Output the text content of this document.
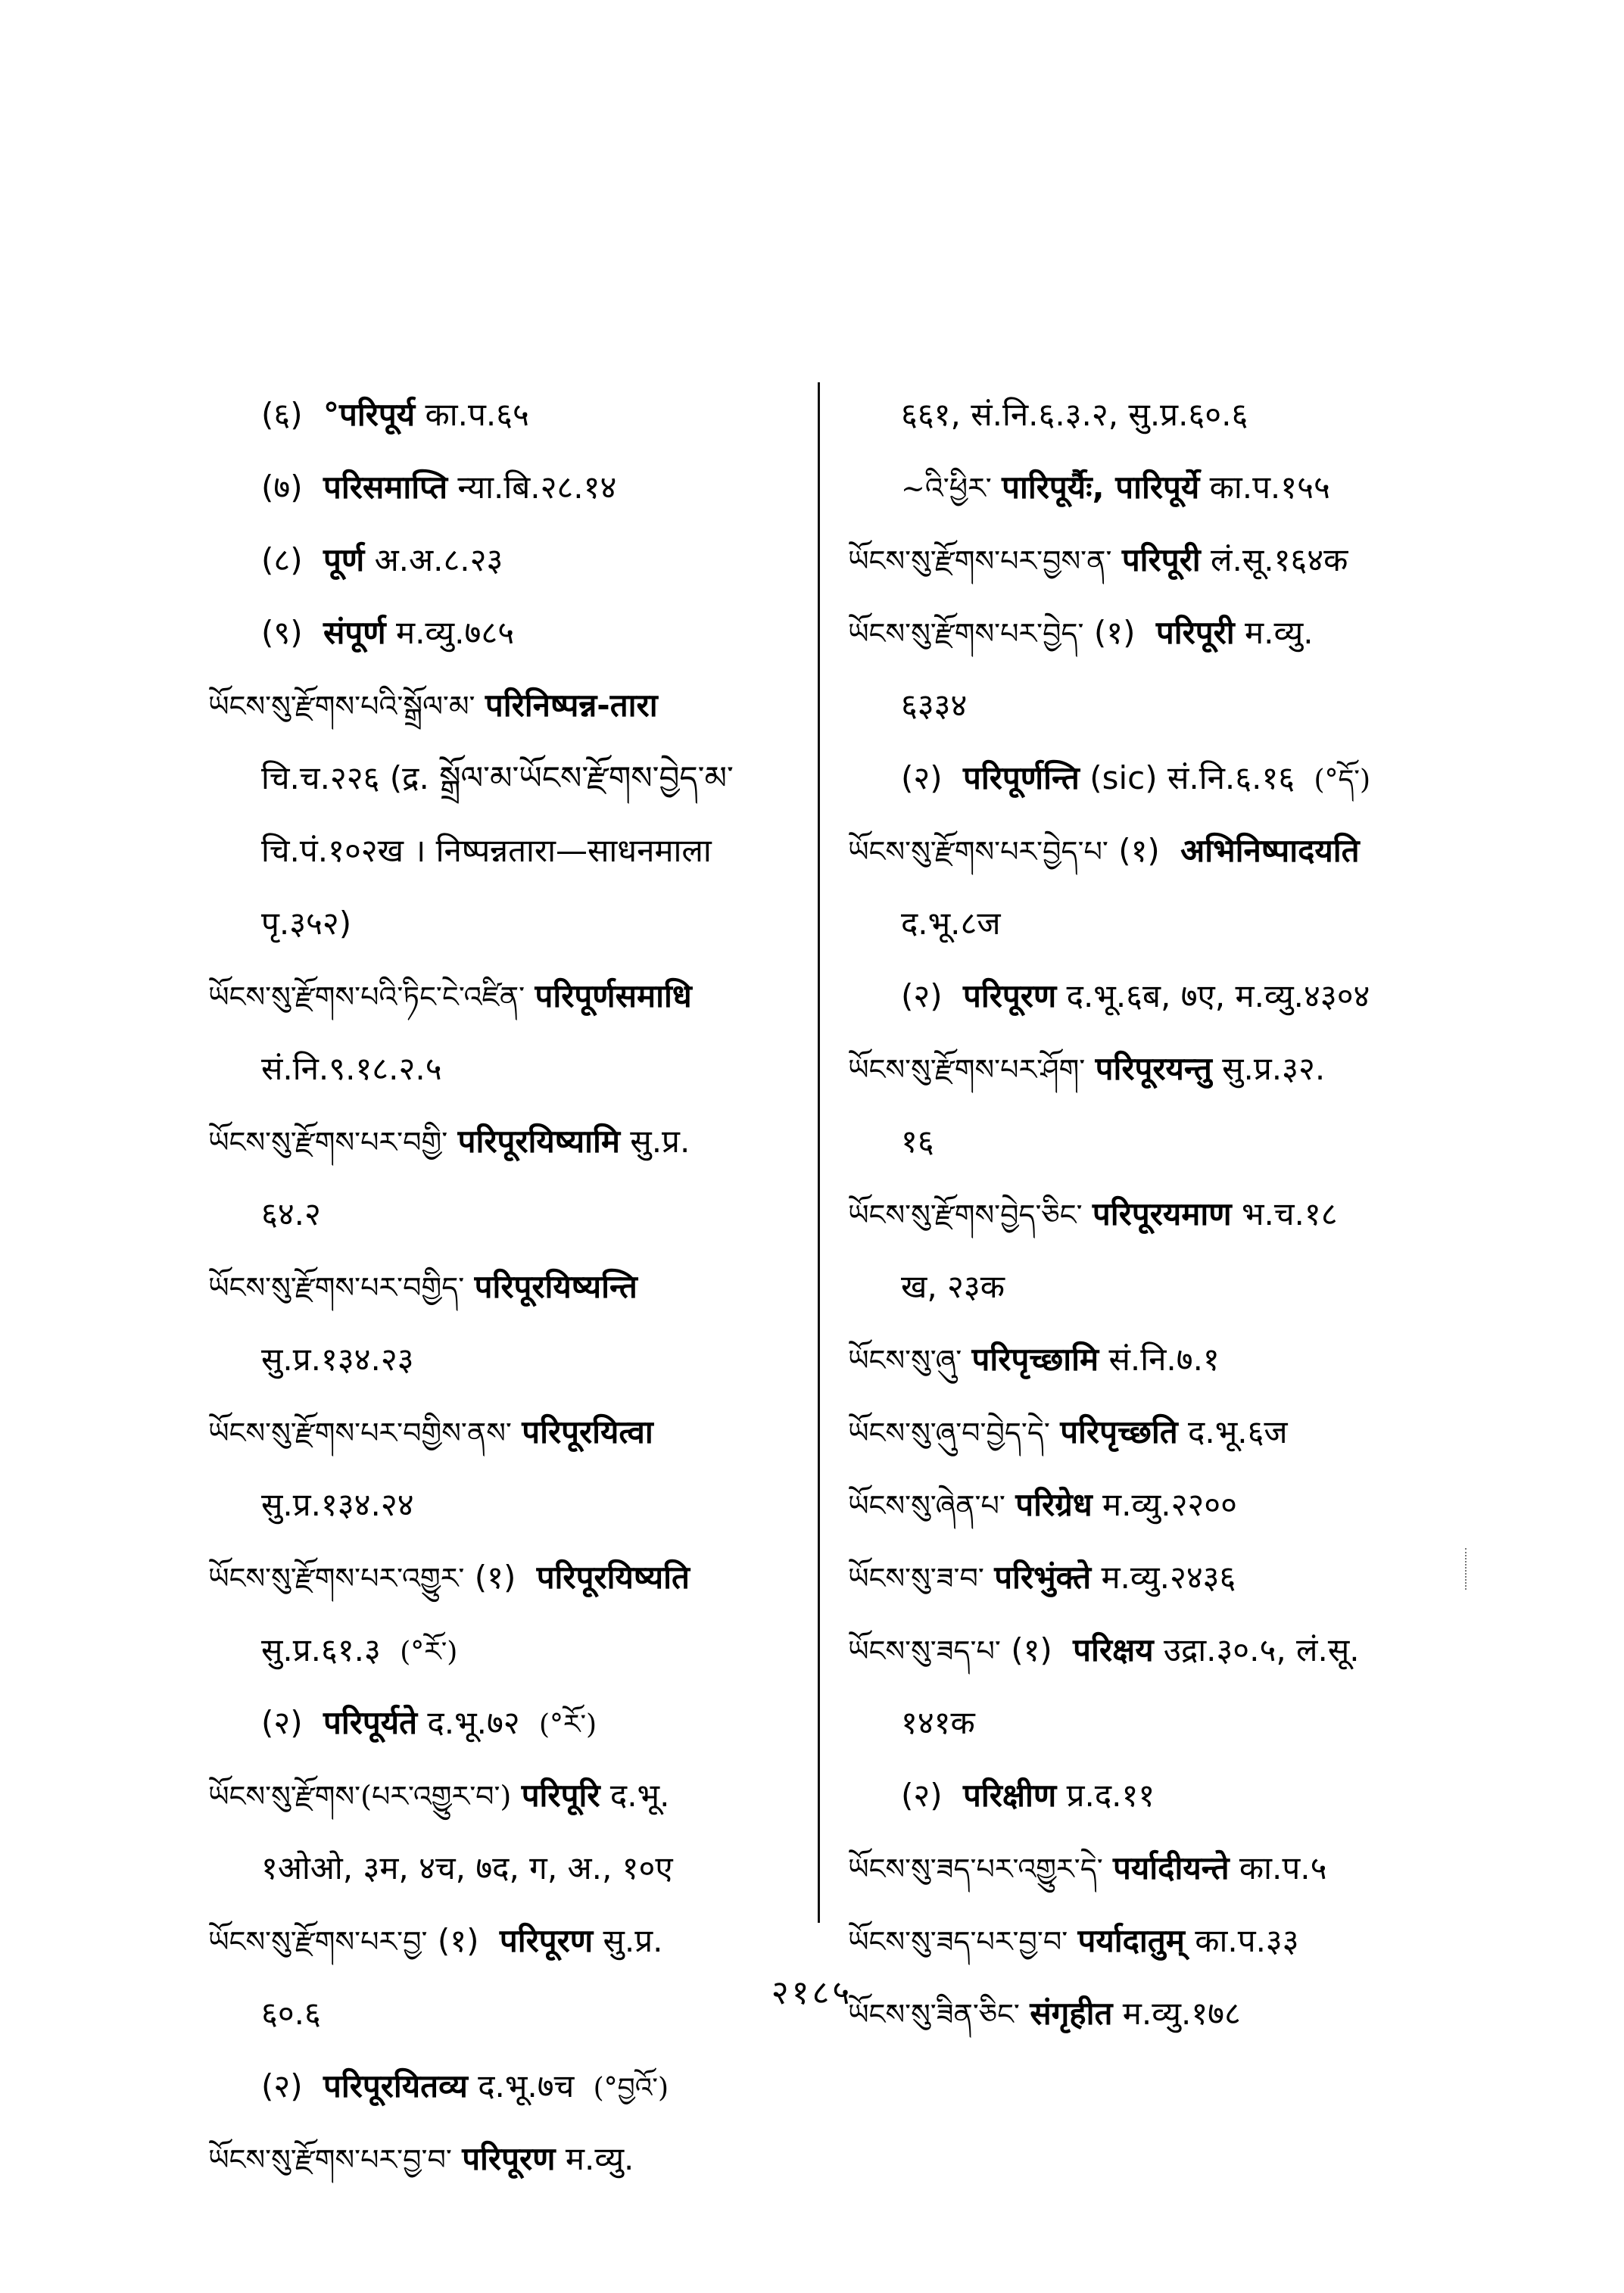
(६) °परिपूर्य का.प.६५
(७) परिसमाप्ति न्या.बि.२८.१४
(८) पूर्ण अ.अ.८.२३
(९) संपूर्ण म.व्यु.७८५
ཡོངས་སུ་རྫོགས་པའི་སྒྲོལ་མ་ परिनिष्पन्न-तारा
चि.च.२२६ (द्र. སྒྲོལ་མ་ཡོངས་རྫོགས་བྱེད་མ་
चि.पं.१०२ख । निष्पन्नतारा—साधनमाला
पृ.३५२)
ཡོངས་སུ་རྫོགས་པའི་ཏིང་ངེ་འཛིན་ परिपूर्णसमाधि
सं.नि.९.१८.२.५
ཡོངས་སུ་རྫོགས་པར་བགྱི་ परिपूरयिष्यामि सु.प्र.
६४.२
ཡོངས་སུ་རྫོགས་པར་བགྱིད་ परिपूरयिष्यन्ति
सु.प्र.१३४.२३
ཡོངས་སུ་རྫོགས་པར་བགྱིས་ནས་ परिपूरयित्वा
सु.प्र.१३४.२४
ཡོངས་སུ་རྫོགས་པར་འགྱུར་ (१) परिपूरयिष्यति
सु.प्र.६१.३ (°རོ་)
(२) परिपूर्यते द.भू.७२ (°རོ་)
ཡོངས་སུ་རྫོགས་(པར་འགྱུར་བ་) परिपूरि द.भू.
१ओओ, ३म, ४च, ७द, ग, अ., १०ए
ཡོངས་སུ་རྫོགས་པར་བྱ་ (१) परिपूरण सु.प्र.
६०.६
(२) परिपूरयितव्य द.भू.७च (°བྱའོ་)
ཡོངས་སུ་རྫོགས་པར་བྱ་བ་ परिपूरण म.व्यु.
६६१, सं.नि.६.३.२, सु.प्र.६०.६
~འི་ཕྱིར་ पारिपूर्यैः, पारिपूर्ये का.प.१५५
ཡོངས་སུ་རྫོགས་པར་བྱས་ན་ परिपूरी लं.सू.१६४क
ཡོངས་སུ་རྫོགས་པར་བྱེད་ (१) परिपूरी म.व्यु.
६३३४
(२) परिपूर्णन्ति (sic) सं.नि.६.१६ (°དོ་)
ཡོངས་སུ་རྫོགས་པར་བྱེད་པ་ (१) अभिनिष्पादयति
द.भू.८ज
(२) परिपूरण द.भू.६ब, ७ए, म.व्यु.४३०४
ཡོངས་སུ་རྫོགས་པར་ཤོག་ परिपूरयन्तु सु.प्र.३२.
१६
ཡོངས་སུ་རྫོགས་བྱེད་ཅིང་ परिपूरयमाण भ.च.१८
ख, २३क
ཡོངས་སུ་ཞུ་ परिपृच्छामि सं.नि.७.१
ཡོངས་སུ་ཞུ་བ་བྱེད་དེ་ परिपृच्छति द.भू.६ज
ཡོངས་སུ་ཞེན་པ་ परिग्रेध म.व्यु.२२००
ཡོངས་སུ་ཟ་བ་ परिभुंक्ते म.व्यु.२४३६
ཡོངས་སུ་ཟད་པ་ (१) परिक्षय उद्रा.३०.५, लं.सू.
१४१क
(२) परिक्षीण प्र.द.११
ཡོངས་སུ་ཟད་པར་འགྱུར་དེ་ पर्यादीयन्ते का.प.५
ཡོངས་སུ་ཟད་པར་བྱ་བ་ पर्यादातुम् का.प.३३
ཡོངས་སུ་ཟིན་ཅིང་ संगृहीत म.व्यु.१७८
२१८५
